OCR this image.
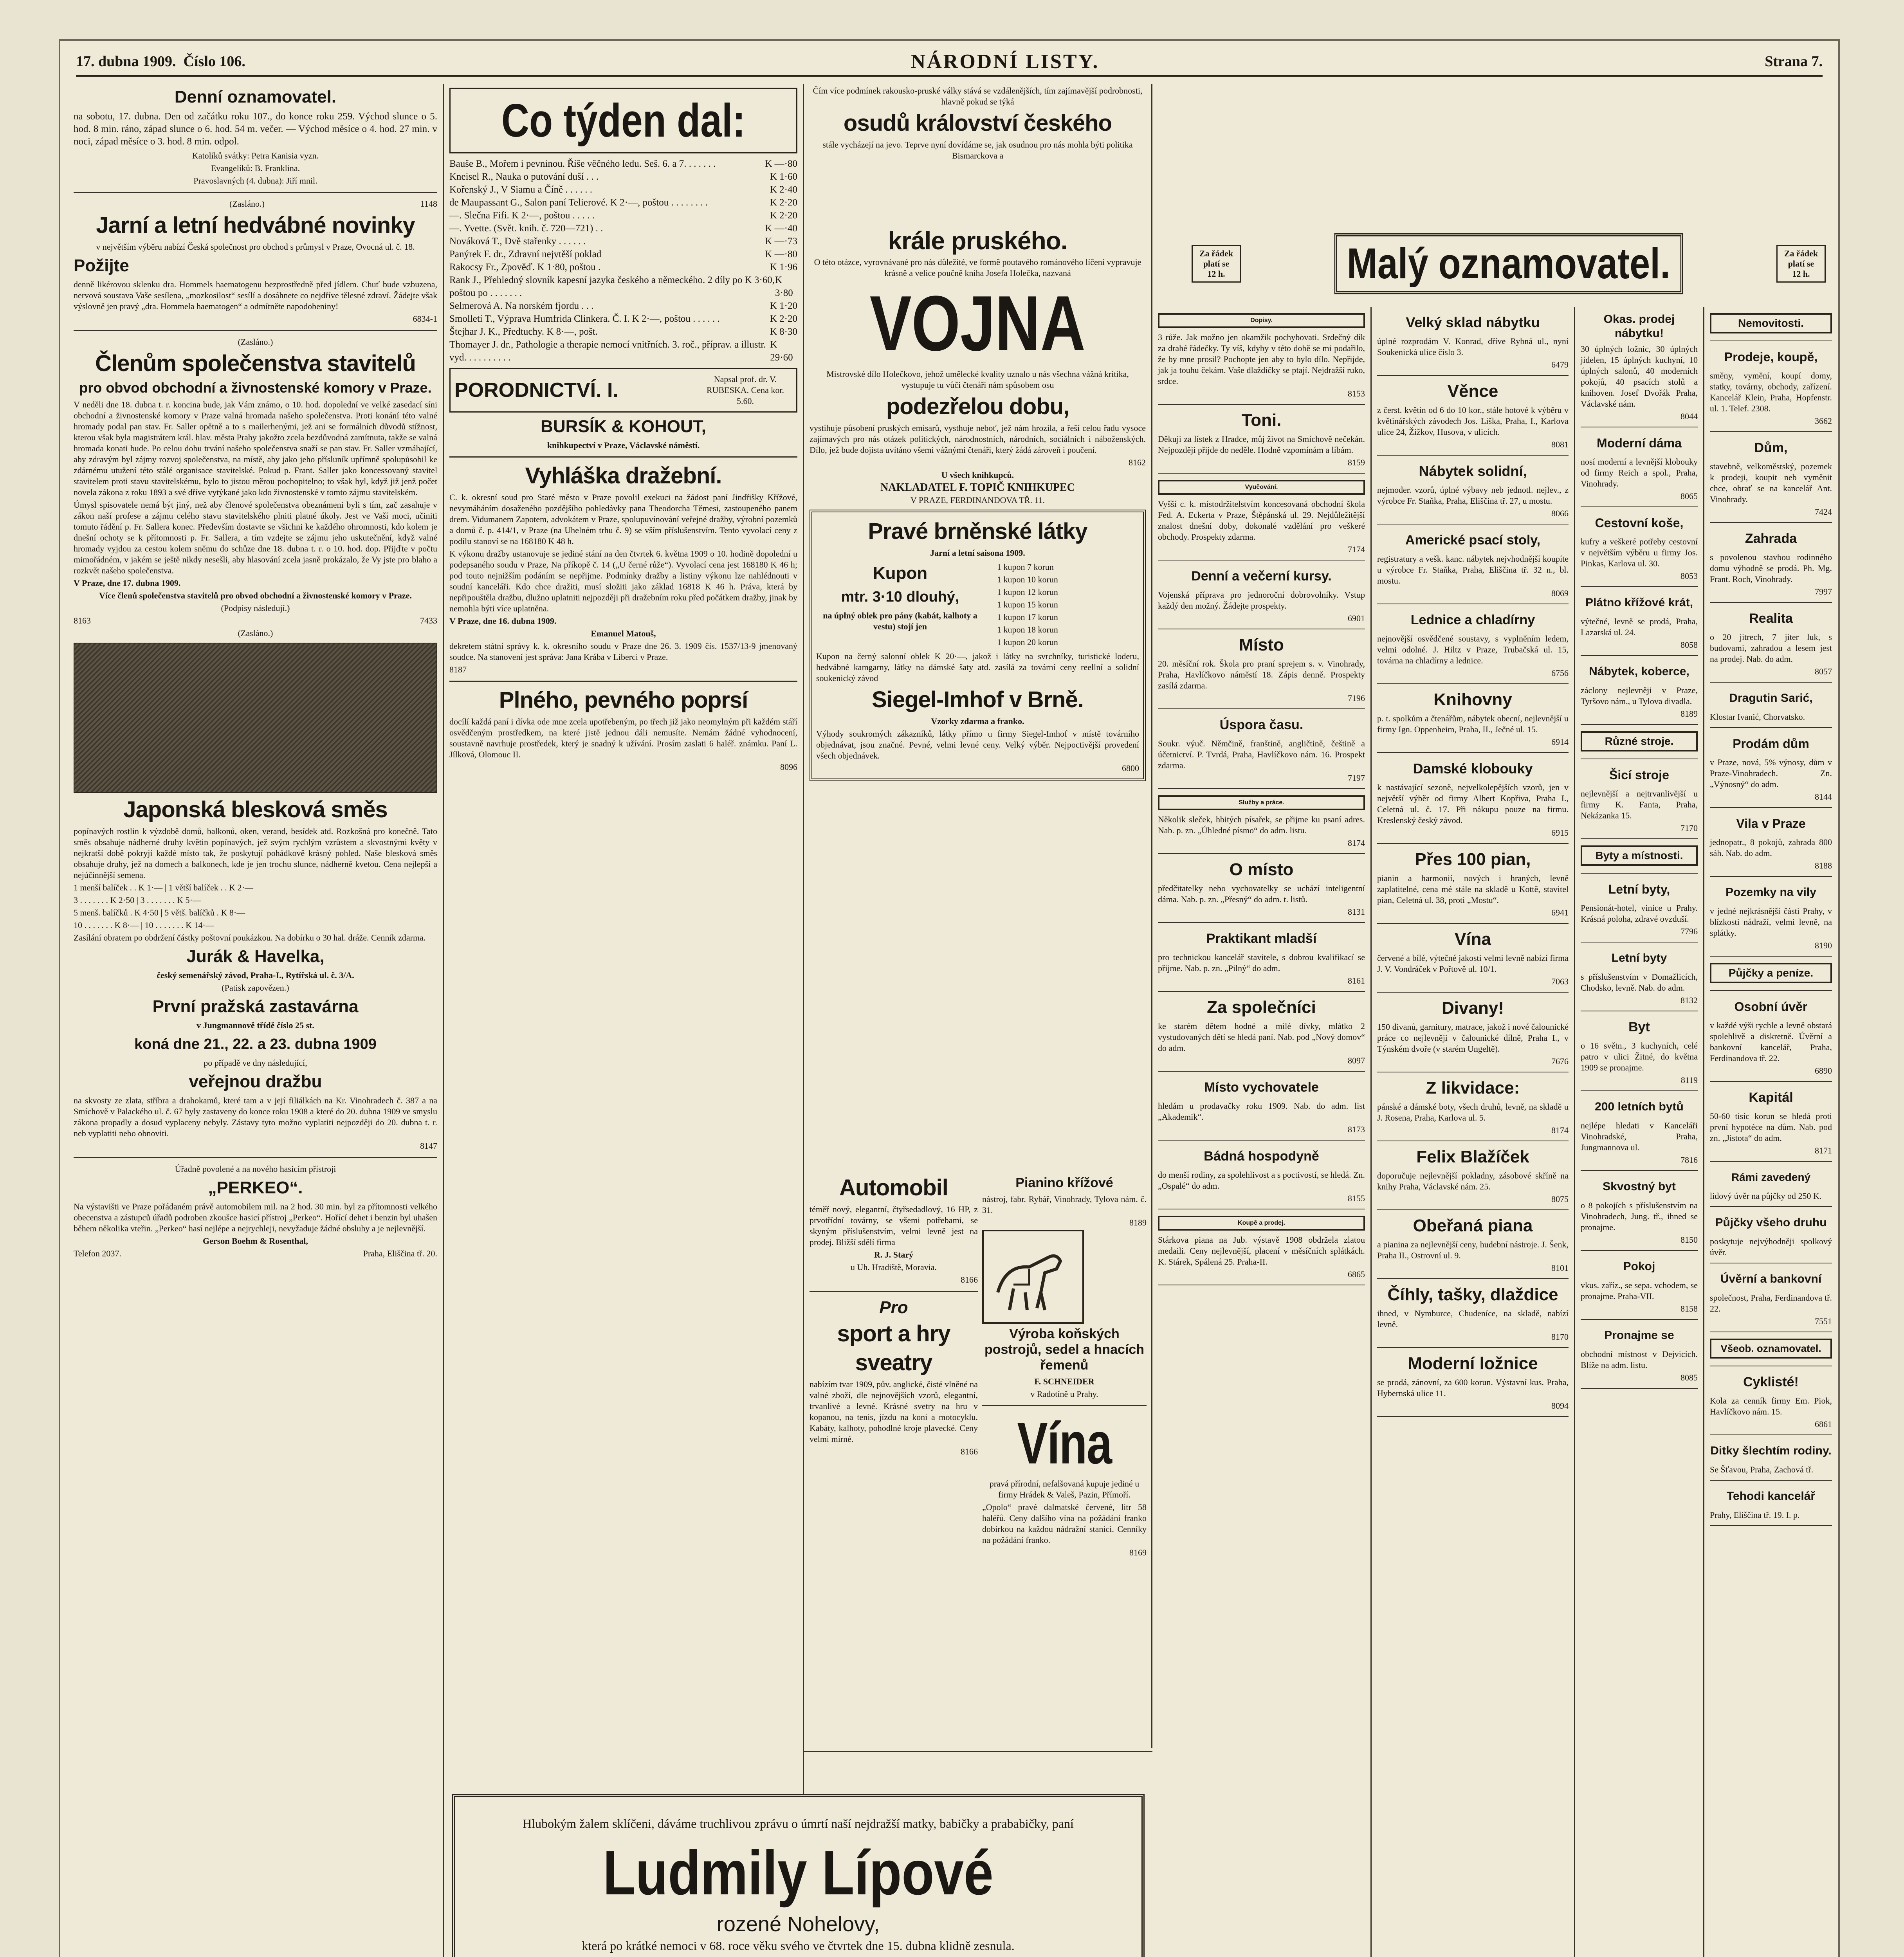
17. dubna 1909. Číslo 106.	NÁRODNÍ LISTY.	Strana 7.
Denní oznamovatel.
na sobotu, 17. dubna. Den od začátku roku 107., do konce roku 259. Východ slunce o 5. hod. 8 min. ráno, západ slunce o 6. hod. 54 m. večer. — Východ měsíce o 4. hod. 27 min. v noci, západ měsíce o 3. hod. 8 min. odpol.
Katolíků svátky: Petra Kanisia vyzn.
Evangelíků: B. Franklina.
Pravoslavných (4. dubna): Jiří mnil.
(Zasláno.)	1148
Jarní a letní hedvábné novinky
v největším výběru nabízí Česká společnost pro obchod s průmysl v Praze, Ovocná ul. č. 18.
Požijte
denně likérovou sklenku dra. Hommels haematogenu bezprostředně před jídlem. Chuť bude vzbuzena, nervová soustava Vaše sesílena, „mozkosilost“ sesílí a dosáhnete co nejdříve tělesné zdraví. Žádejte však výslovně jen pravý „dra. Hommela haematogen“ a odmítněte napodobeniny!
6834-1
(Zasláno.)
Členům společenstva stavitelů
pro obvod obchodní a živnostenské komory v Praze.
V neděli dne 18. dubna t. r. koncina bude, jak Vám známo, o 10. hod. dopolední ve velké zasedací síni obchodní a živnostenské komory v Praze valná hromada našeho společenstva. Proti konání této valné hromady podal pan stav. Fr. Saller opětně a to s mailerhenými, jež ani se formálních důvodů stížnost, kterou však byla magistrátem král. hlav. města Prahy jakožto zcela bezdůvodná zamítnuta, takže se valná hromada konati bude. Po celou dobu trvání našeho společenstva snaží se pan stav. Fr. Saller vzmáhající, aby zdravým byl zájmy rozvoj společenstva, na místě, aby jako jeho přísluník upřímně spolupůsobil ke zdárnému utužení této stálé organisace stavitelské. Pokud p. Frant. Saller jako koncessovaný stavitel stavitelem proti stavu stavitelskému, bylo to jistou měrou pochopitelno; to však byl, když již jenž počet novela zákona z roku 1893 a své dříve vytýkané jako kdo živnostenské v tomto zájmu stavitelském.
Úmysl spisovatele nemá být jiný, než aby členové společenstva obeznámeni byli s tím, zač zasahuje v zákon naší profese a zájmu celého stavu stavitelského plniti platné úkoly. Jest ve Vaší moci, učiniti tomuto řádění p. Fr. Sallera konec. Především dostavte se všichni ke každého ohromnosti, kdo kolem je dnešní ochoty se k přítomnosti p. Fr. Sallera, a tím vzdejte se zájmu jeho uskutečnění, když valné hromady vyjdou za cestou kolem sněmu do schůze dne 18. dubna t. r. o 10. hod. dop. Přijďte v počtu mimořádném, v jakém se ještě nikdy nesešli, aby hlasování zcela jasně prokázalo, že Vy jste pro blaho a rozkvět našeho společenstva.
V Praze, dne 17. dubna 1909.
Více členů společenstva stavitelů pro obvod obchodní a živnostenské komory v Praze.
(Podpisy následují.)
8163	7433
(Zasláno.)
Japonská blesková směs
popínavých rostlin k výzdobě domů, balkonů, oken, verand, besídek atd. Rozkošná pro konečně. Tato směs obsahuje nádherné druhy květin popínavých, jež svým rychlým vzrůstem a skvostnými květy v nejkratší době pokryjí každé místo tak, že poskytují pohádkově krásný pohled. Naše blesková směs obsahuje druhy, jež na domech a balkonech, kde je jen trochu slunce, nádherně kvetou. Cena nejlepší a nejúčinnější semena.
1 menší balíček . . K 1·— | 1 větší balíček . . K 2·—
3 . . . . . . . K 2·50 | 3 . . . . . . . K 5·—
5 menš. balíčků . K 4·50 | 5 větš. balíčků . K 8·—
10 . . . . . . . K 8·— | 10 . . . . . . . K 14·—
Zasílání obratem po obdržení částky poštovní poukázkou. Na dobírku o 30 hal. dráže. Cenník zdarma.
Jurák & Havelka,
český semenářský závod, Praha-I., Rytířská ul. č. 3/A.
(Patisk zapovězen.)
První pražská zastavárna
v Jungmannově třídě číslo 25 st.
koná dne 21., 22. a 23. dubna 1909
po případě ve dny následující,
veřejnou dražbu
na skvosty ze zlata, stříbra a drahokamů, které tam a v její filiálkách na Kr. Vinohradech č. 387 a na Smíchově v Palackého ul. č. 67 byly zastaveny do konce roku 1908 a které do 20. dubna 1909 ve smyslu zákona propadly a dosud vyplaceny nebyly. Zástavy tyto možno vyplatiti nejpozději do 20. dubna t. r. neb vyplatiti nebo obnoviti.
8147
Úřadně povolené a na nového hasicím přístroji
„PERKEO“.
Na výstavišti ve Praze pořádaném právě automobilem mil. na 2 hod. 30 min. byl za přítomnosti velkého obecenstva a zástupců úřadů podroben zkoušce hasicí přístroj „Perkeo“. Hořící dehet i benzin byl uhašen během několika vteřin. „Perkeo“ hasí nejlépe a nejrychleji, nevyžaduje žádné obsluhy a je nejlevnější.
Gerson Boehm & Rosenthal,
Telefon 2037.	Praha, Eliščina tř. 20.
Co týden dal:
Bauše B., Mořem i pevninou. Říše věčného ledu. Seš. 6. a 7. . . . . . .	K —·80
Kneisel R., Nauka o putování duší . . .	K 1·60
Kořenský J., V Siamu a Číně . . . . . .	K 2·40
de Maupassant G., Salon paní Telierové. K 2·—, poštou . . . . . . . .	K 2·20
—. Slečna Fifi. K 2·—, poštou . . . . .	K 2·20
—. Yvette. (Svět. knih. č. 720—721) . .	K —·40
Nováková T., Dvě stařenky . . . . . .	K —·73
Panýrek F. dr., Zdravní nejvtěší poklad	K —·80
Rakocsy Fr., Zpověď. K 1·80, poštou .	K 1·96
Rank J., Přehledný slovník kapesní jazyka českého a německého. 2 díly po K 3·60, poštou po . . . . . . .
K 3·80
Selmerová A. Na norském fjordu . . .	K 1·20
Smolletí T., Výprava Humfrida Clinkera. Č. I. K 2·—, poštou . . . . . .	K 2·20
Štejhar J. K., Předtuchy. K 8·—, pošt.	K 8·30
Thomayer J. dr., Pathologie a therapie nemocí vnitřních. 3. roč., příprav. a illustr. vyd. . . . . . . . . .
K 29·60
PORODNICTVÍ. I.	Napsal prof. dr. V. RUBESKA. Cena kor. 5.60.
BURSÍK & KOHOUT,
knihkupectví v Praze, Václavské náměstí.
Vyhláška dražební.
C. k. okresní soud pro Staré město v Praze povolil exekuci na žádost paní Jindřišky Křížové, nevymáháním dosaženého pozdějšího pohledávky pana Theodorcha Těmesi, zastoupeného panem drem. Vidumanem Zapotem, advokátem v Praze, spolupuvínování veřejné dražby, výrobní pozemků a domů č. p. 414/1, v Praze (na Uhelném trhu č. 9) se vším příslušenstvím. Tento vyvolací ceny z podílu stanoví se na 168180 K 48 h.
K výkonu dražby ustanovuje se jediné stání na den čtvrtek 6. května 1909 o 10. hodině dopolední u podepsaného soudu v Praze, Na příkopě č. 14 („U černé růže“). Vyvolací cena jest 168180 K 46 h; pod touto nejnižším podáním se nepřijme. Podmínky dražby a listiny výkonu lze nahlédnouti v soudní kanceláři. Kdo chce dražiti, musí složiti jako základ 16818 K 46 h. Práva, která by nepřipouštěla dražbu, dlužno uplatniti nejpozději při dražebním roku před počátkem dražby, jinak by nemohla býti více uplatněna.
V Praze, dne 16. dubna 1909.
Emanuel Matouš,
dekretem státní správy k. k. okresního soudu v Praze dne 26. 3. 1909 čís. 1537/13-9 jmenovaný soudce. Na stanovení jest správa: Jana Krába v Liberci v Praze.
8187
Plného, pevného poprsí
docílí každá paní i dívka ode mne zcela upotřebeným, po třech již jako neomylným při každém stáří osvědčeným prostředkem, na které jistě jednou dáli nemusíte. Nemám žádné vyhodnocení, soustavně navrhuje prostředek, který je snadný k užívání. Prosím zaslati 6 haléř. známku. Paní L. Jílková, Olomouc II.
8096
Čím více podmínek rakousko-pruské války stává se vzdálenějších, tím zajímavější podrobnosti, hlavně pokud se týká
osudů království českého
stále vycházejí na jevo. Teprve nyní dovídáme se, jak osudnou pro nás mohla býti politika Bismarckova a
Za řádek
platí se
12 h.	Malý oznamovatel.	Za řádek
platí se
12 h.
krále pruského.
O této otázce, vyrovnávané pro nás důležité, ve formě poutavého románového líčení vypravuje krásně a velice poučně kniha Josefa Holečka, nazvaná
VOJNA
Mistrovské dílo Holečkovo, jehož umělecké kvality uznalo u nás všechna vážná kritika, vystupuje tu vůči čtenáři nám spůsobem osu
podezřelou dobu,
vystihuje působení pruských emisarů, vysthuje neboť, jež nám hrozila, a řeší celou řadu vysoce zajímavých pro nás otázek politických, národnostních, národních, sociálních i náboženských. Dílo, jež bude dojista uvítáno všemi vážnými čtenáři, který žádá zároveň i poučení.
8162
U všech knihkupců.
NAKLADATEL F. TOPIČ KNIHKUPEC
V PRAZE, FERDINANDOVA TŘ. 11.
Pravé brněnské látky
Jarní a letní saisona 1909.
Kupon
mtr. 3·10 dlouhý,
na úplný oblek pro pány (kabát, kalhoty a vestu) stojí jen
1 kupon 7 korun
1 kupon 10 korun
1 kupon 12 korun
1 kupon 15 korun
1 kupon 17 korun
1 kupon 18 korun
1 kupon 20 korun
Kupon na černý salonní oblek K 20·—, jakož i látky na svrchníky, turistické loderu, hedvábné kamgarny, látky na dámské šaty atd. zasílá za tovární ceny reellní a solidní soukenický závod
Siegel-Imhof v Brně.
Vzorky zdarma a franko.
Výhody soukromých zákazníků, látky přímo u firmy Siegel-Imhof v místě továrního objednávat, jsou značné. Pevné, velmi levné ceny. Velký výběr. Nejpoctivější provedení všech objednávek.
6800
Automobil
téměř nový, elegantní, čtyřsedadlový, 16 HP, z prvotřídní továrny, se všemi potřebami, se skyným příslušenstvím, velmi levně jest na prodej. Bližší sdělí firma
R. J. Starý
u Uh. Hradiště, Moravia.
8166
Pro
sport a hry
sveatry
nabízím tvar 1909, pův. anglické, čisté vlněné na valné zboží, dle nejnovějších vzorů, elegantní, trvanlivé a levné. Krásné svetry na hru v kopanou, na tenis, jízdu na koni a motocyklu. Kabáty, kalhoty, pohodlné kroje plavecké. Ceny velmi mírné.
8166
Pianino křížové
nástroj, fabr. Rybář, Vinohrady, Tylova nám. č. 31.
8189
Výroba koňských postrojů, sedel a hnacích řemenů
F. SCHNEIDER
v Radotíně u Prahy.
Vína
pravá přírodní, nefalšovaná kupuje jediné u firmy Hrádek & Valeš, Pazin, Přímoří.
„Opolo“ pravé dalmatské červené, litr 58 haléřů. Ceny dalšího vína na požádání franko dobírkou na každou nádražní stanici. Cenníky na požádání franko.
8169
Dopisy.
3 růže. Jak možno jen okamžik pochybovati. Srdečný dík za drahé řádečky. Ty víš, kdyby v této době se mi podařilo, že by mne prosil? Pochopte jen aby to bylo dílo. Nepřijde, jak ja touhu čekám. Vaše dlaždičky se ptají. Nejdražší ruko, srdce.
8153
Toni.
Děkuji za lístek z Hradce, můj život na Smíchově nečekán. Nejpozději přijde do neděle. Hodně vzpomínám a líbám.
8159
Vyučování.
Vyšší c. k. místodržitelstvím koncesovaná obchodní škola Fed. A. Eckerta v Praze, Štěpánská ul. 29. Nejdůležitější znalost dnešní doby, dokonalé vzdělání pro veškeré obchody. Prospekty zdarma.
7174
Denní a večerní kursy.
Vojenská příprava pro jednoroční dobrovolníky. Vstup každý den možný. Žádejte prospekty.
6901
Místo
20. měsíční rok. Škola pro praní sprejem s. v. Vinohrady, Praha, Havlíčkovo náměstí 18. Zápis denně. Prospekty zasílá zdarma.
7196
Úspora času.
Soukr. výuč. Němčině, franštině, angličtině, češtině a účetnictví. P. Tvrdá, Praha, Havlíčkovo nám. 16. Prospekt zdarma.
7197
Služby a práce.
Několik sleček, hbitých písařek, se přijme ku psaní adres. Nab. p. zn. „Úhledné písmo“ do adm. listu.
8174
O místo
předčitatelky nebo vychovatelky se uchází inteligentní dáma. Nab. p. zn. „Přesný“ do adm. t. listů.
8131
Praktikant mladší
pro technickou kancelář stavitele, s dobrou kvalifikací se přijme. Nab. p. zn. „Pilný“ do adm.
8161
Za společníci
ke starém dětem hodné a milé dívky, mlátko 2 vystudovaných dětí se hledá paní. Nab. pod „Nový domov“ do adm.
8097
Místo vychovatele
hledám u prodavačky roku 1909. Nab. do adm. list „Akademik“.
8173
Bádná hospodyně
do menší rodiny, za spolehlivost a s poctivostí, se hledá. Zn. „Ospalé“ do adm.
8155
Koupě a prodej.
Stárkova piana na Jub. výstavě 1908 obdržela zlatou medaili. Ceny nejlevnější, placení v měsíčních splátkách. K. Stárek, Spálená 25. Praha-II.
6865
Velký sklad nábytku
úplné rozprodám V. Konrad, dříve Rybná ul., nyní Soukenická ulice číslo 3.
6479
Věnce
z čerst. květin od 6 do 10 kor., stále hotové k výběru v květinářských závodech Jos. Liška, Praha, I., Karlova ulice 24, Žižkov, Husova, v ulicích.
8081
Nábytek solidní,
nejmoder. vzorů, úplné výbavy neb jednotl. nejlev., z výrobce Fr. Staňka, Praha, Eliščina tř. 27, u mostu.
8066
Americké psací stoly,
registratury a vešk. kanc. nábytek nejvhodnější koupíte u výrobce Fr. Staňka, Praha, Eliščina tř. 32 n., bl. mostu.
8069
Lednice a chladírny
nejnovější osvědčené soustavy, s vyplněním ledem, velmi odolné. J. Hiltz v Praze, Trubačská ul. 15, továrna na chladírny a lednice.
6756
Knihovny
p. t. spolkům a čtenářům, nábytek obecní, nejlevnější u firmy Ign. Oppenheim, Praha, II., Ječné ul. 15.
6914
Damské klobouky
k nastávající sezoně, nejvelkolepějších vzorů, jen v největší výběr od firmy Albert Kopřiva, Praha I., Celetná ul. č. 17. Při nákupu pouze na firmu. Kreslenský český závod.
6915
Přes 100 pian,
pianin a harmonií, nových i hraných, levně zaplatitelné, cena mé stále na skladě u Kottě, stavitel pian, Celetná ul. 38, proti „Mostu“.
6941
Vína
červené a bílé, výtečné jakosti velmi levně nabízí firma J. V. Vondráček v Pořtově ul. 10/1.
7063
Divany!
150 divanů, garnitury, matrace, jakož i nové čalounické práce co nejlevněji v čalounické dílně, Praha I., v Týnském dvoře (v starém Ungeltě).
7676
Z likvidace:
pánské a dámské boty, všech druhů, levně, na skladě u J. Rosena, Praha, Karlova ul. 5.
8174
Felix Blažíček
doporučuje nejlevnější pokladny, zásobové skříně na knihy Praha, Václavské nám. 25.
8075
Obeřaná piana
a pianina za nejlevnější ceny, hudební nástroje. J. Šenk, Praha II., Ostrovní ul. 9.
8101
Číhly, tašky, dlaždice
ihned, v Nymburce, Chudeníce, na skladě, nabízí levně.
8170
Moderní ložnice
se prodá, zánovní, za 600 korun. Výstavní kus. Praha, Hybernská ulice 11.
8094
Okas. prodej nábytku!
30 úplných ložnic, 30 úplných jídelen, 15 úplných kuchyní, 10 úplných salonů, 40 moderních pokojů, 40 psacích stolů a knihoven. Josef Dvořák Praha, Václavské nám.
8044
Moderní dáma
nosí moderní a levnější klobouky od firmy Reich a spol., Praha, Vinohrady.
8065
Cestovní koše,
kufry a veškeré potřeby cestovní v největším výběru u firmy Jos. Pinkas, Karlova ul. 30.
8053
Plátno křížové krát,
výtečné, levně se prodá, Praha, Lazarská ul. 24.
8058
Nábytek, koberce,
záclony nejlevněji v Praze, Tyršovo nám., u Tylova divadla.
8189
Různé stroje.
Šicí stroje
nejlevnější a nejtrvanlivější u firmy K. Fanta, Praha, Nekázanka 15.
7170
Byty a místnosti.
Letní byty,
Pensionát-hotel, vinice u Prahy. Krásná poloha, zdravé ovzduší.
7796
Letní byty
s příslušenstvím v Domažlicích, Chodsko, levně. Nab. do adm.
8132
Byt
o 16 světn., 3 kuchyních, celé patro v ulici Žitné, do května 1909 se pronajme.
8119
200 letních bytů
nejlépe hledati v Kanceláři Vinohradské, Praha, Jungmannova ul.
7816
Skvostný byt
o 8 pokojích s příslušenstvím na Vinohradech, Jung. tř., ihned se pronajme.
8150
Pokoj
vkus. zaříz., se sepa. vchodem, se pronajme. Praha-VII.
8158
Pronajme se
obchodní místnost v Dejvicích. Blíže na adm. listu.
8085
Nemovitosti.
Prodeje, koupě,
směny, vymění, koupí domy, statky, továrny, obchody, zařízení. Kancelář Klein, Praha, Hopfenstr. ul. 1. Telef. 2308.
3662
Dům,
stavebně, velkoměstský, pozemek k prodeji, koupit neb vyměnit chce, obrať se na kancelář Ant. Vinohrady.
7424
Zahrada
s povolenou stavbou rodinného domu výhodně se prodá. Ph. Mg. Frant. Roch, Vinohrady.
7997
Realita
o 20 jitrech, 7 jiter luk, s budovami, zahradou a lesem jest na prodej. Nab. do adm.
8057
Dragutin Sarić,
Klostar Ivanić, Chorvatsko.
Prodám dům
v Praze, nová, 5% výnosy, dům v Praze-Vinohradech. Zn. „Výnosný“ do adm.
8144
Vila v Praze
jednopatr., 8 pokojů, zahrada 800 sáh. Nab. do adm.
8188
Pozemky na vily
v jedné nejkrásnější části Prahy, v blízkosti nádraží, velmi levně, na splátky.
8190
Půjčky a peníze.
Osobní úvěr
v každé výši rychle a levně obstará spolehlivě a diskretně. Úvěrní a bankovní kancelář, Praha, Ferdinandova tř. 22.
6890
Kapitál
50-60 tisíc korun se hledá proti první hypotéce na dům. Nab. pod zn. „Jistota“ do adm.
8171
Rámi zavedený
lidový úvěr na půjčky od 250 K.
Půjčky všeho druhu
poskytuje nejvýhodněji spolkový úvěr.
Úvěrní a bankovní
společnost, Praha, Ferdinandova tř. 22.
7551
Všeob. oznamovatel.
Cyklisté!
Kola za cenník firmy Em. Piok, Havlíčkovo nám. 15.
6861
Ditky šlechtím rodiny.
Se Šťavou, Praha, Zachová tř.
Tehodi kancelář
Prahy, Eliščina tř. 19. I. p.
Hlubokým žalem sklíčeni, dáváme truchlivou zprávu o úmrtí naší nejdražší matky, babičky a prababičky, paní
Ludmily Lípové
rozené Nohelovy,
která po krátké nemoci v 68. roce věku svého ve čtvrtek dne 15. dubna klidně zesnula.
